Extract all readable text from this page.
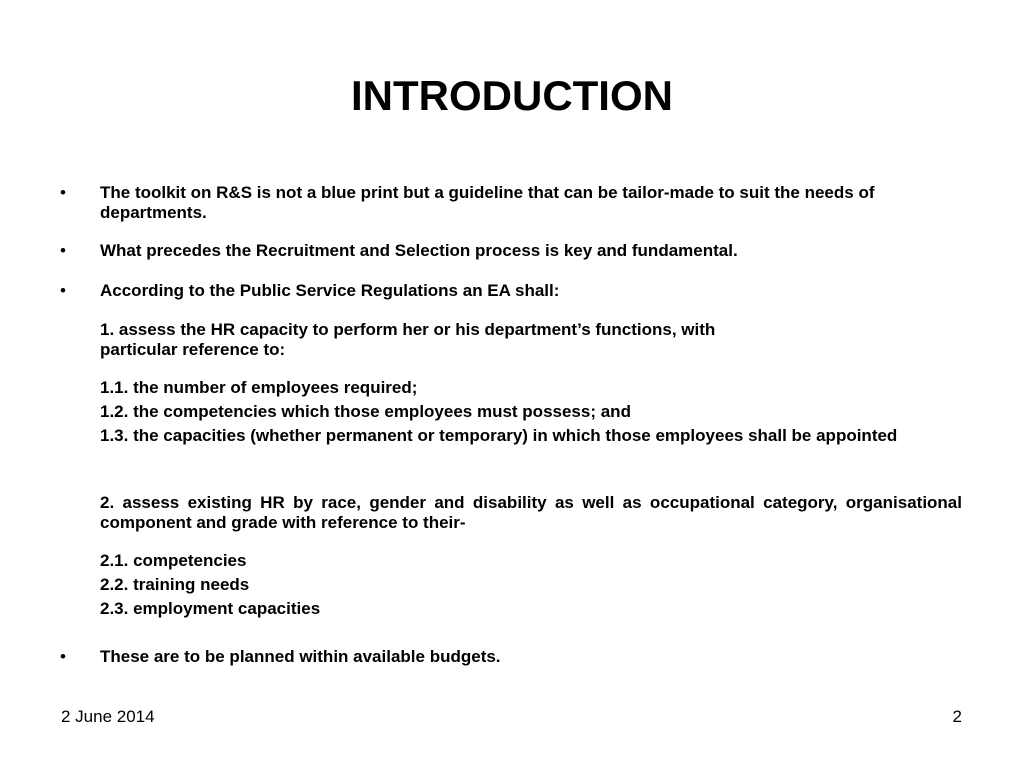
INTRODUCTION
• The toolkit on R&S is not a blue print but a guideline that can be tailor-made to suit the needs of departments.
• What precedes the Recruitment and Selection process is key and fundamental.
• According to the Public Service Regulations an EA shall:
1. assess the HR capacity to perform her or his department’s functions, with
particular reference to:
1.1. the number of employees required;
1.2. the competencies which those employees must possess; and
1.3. the capacities (whether permanent or temporary) in which those employees shall be appointed
2. assess existing HR by race, gender and disability as well as occupational category, organisational component and grade with reference to their-
2.1. competencies
2.2. training needs
2.3. employment capacities
• These are to be planned within available budgets.
2 June 2014	2
